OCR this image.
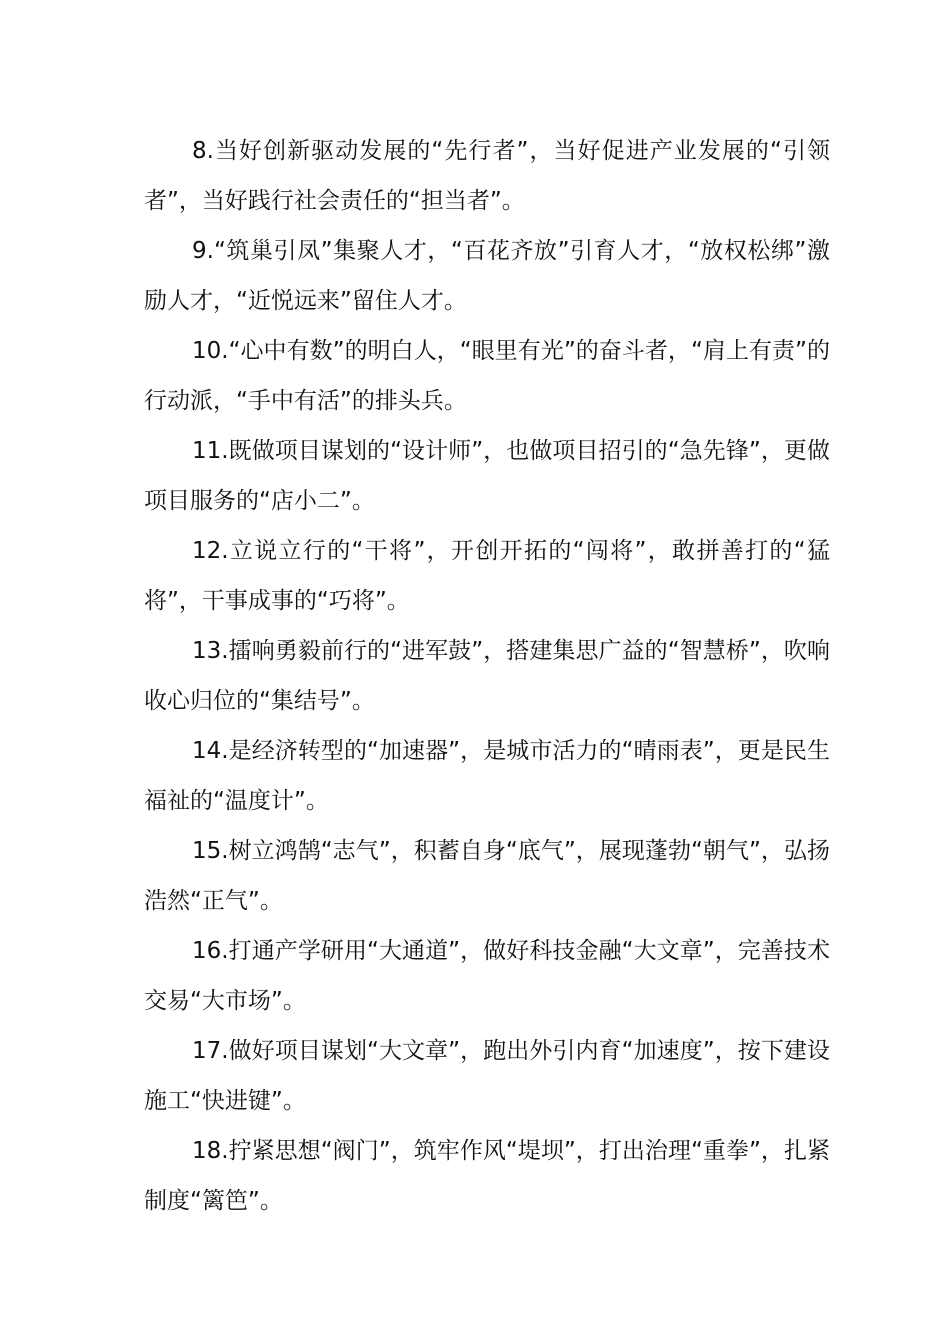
8.当好创新驱动发展的“先行者”，当好促进产业发展的“引领者”，当好践行社会责任的“担当者”。

9.“筑巢引凤”集聚人才，“百花齐放”引育人才，“放权松绑”激励人才，“近悦远来”留住人才。

10.“心中有数”的明白人，“眼里有光”的奋斗者，“肩上有责”的行动派，“手中有活”的排头兵。

11.既做项目谋划的“设计师”，也做项目招引的“急先锋”，更做项目服务的“店小二”。

12.立说立行的“干将”，开创开拓的“闯将”，敢拼善打的“猛将”，干事成事的“巧将”。

13.擂响勇毅前行的“进军鼓”，搭建集思广益的“智慧桥”，吹响收心归位的“集结号”。

14.是经济转型的“加速器”，是城市活力的“晴雨表”，更是民生福祉的“温度计”。

15.树立鸿鹄“志气”，积蓄自身“底气”，展现蓬勃“朝气”，弘扬浩然“正气”。

16.打通产学研用“大通道”，做好科技金融“大文章”，完善技术交易“大市场”。

17.做好项目谋划“大文章”，跑出外引内育“加速度”，按下建设施工“快进键”。

18.拧紧思想“阀门”，筑牢作风“堤坝”，打出治理“重拳”，扎紧制度“篱笆”。
